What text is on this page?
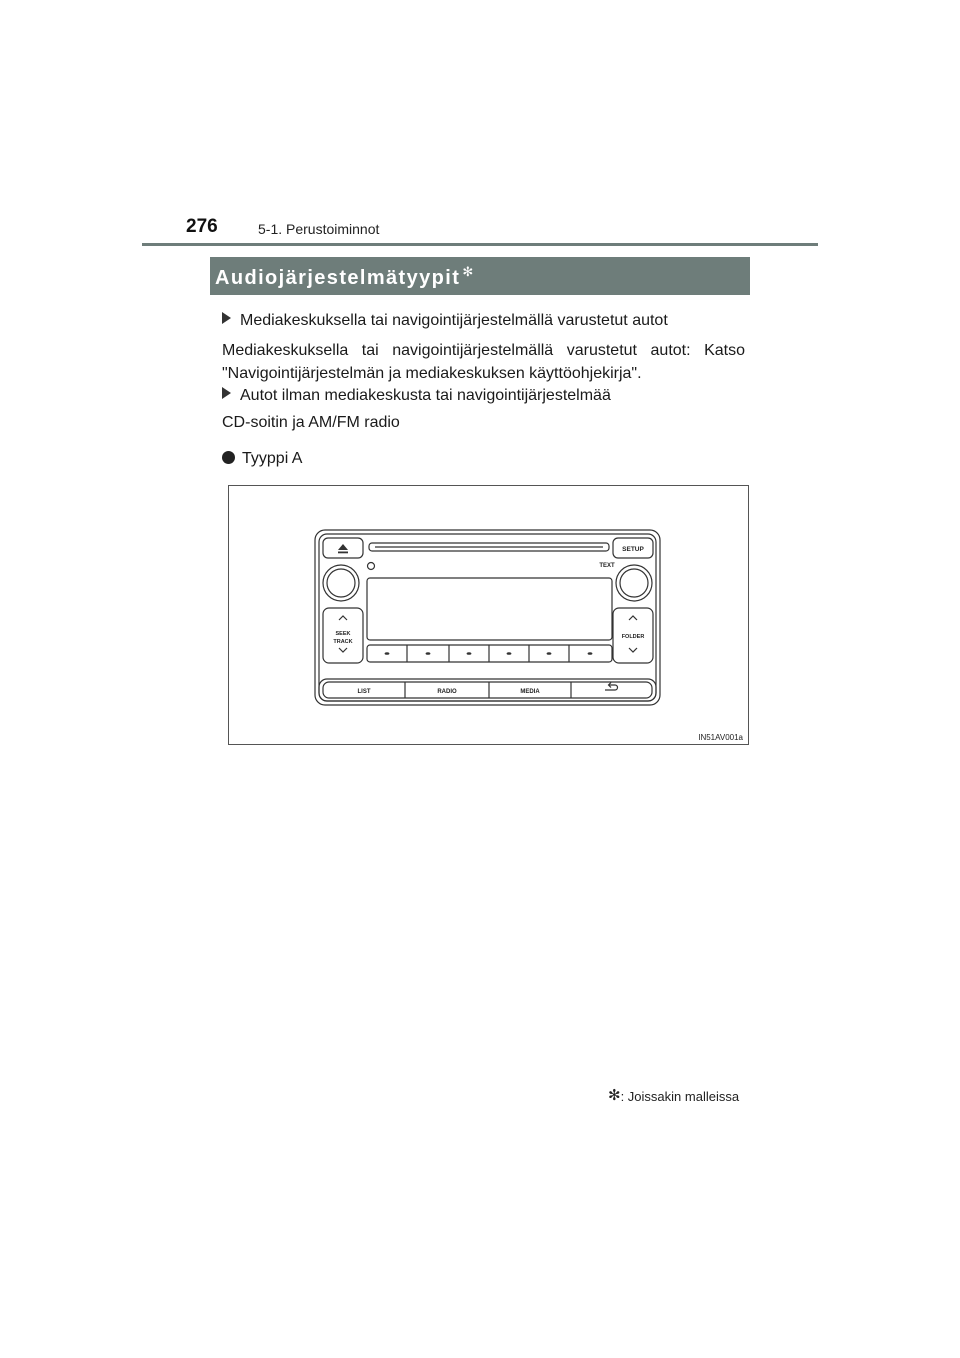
276	5-1. Perustoiminnot
Audiojärjestelmätyypit ✻
Mediakeskuksella tai navigointijärjestelmällä varustetut autot
Mediakeskuksella tai navigointijärjestelmällä varustetut autot: Katso "Navigointijärjestelmän ja mediakeskuksen käyttöohjekirja".
Autot ilman mediakeskusta tai navigointijärjestelmää
CD-soitin ja AM/FM radio
Tyyppi A
SETUP
TEXT
SEEK
TRACK
FOLDER
LIST	RADIO	MEDIA
IN51AV001a
✻: Joissakin malleissa
